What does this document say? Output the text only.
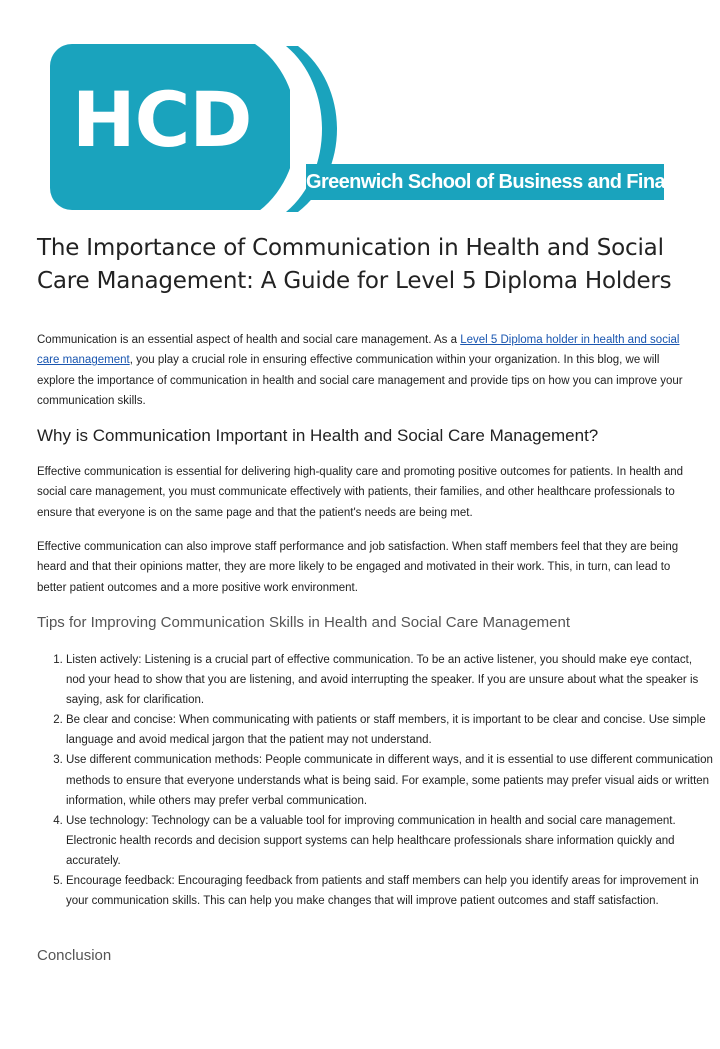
HCD
Greenwich School of Business and Finance
The Importance of Communication in Health and Social Care Management: A Guide for Level 5 Diploma Holders

Communication is an essential aspect of health and social care management. As a Level 5 Diploma holder in health and social care management, you play a crucial role in ensuring effective communication within your organization. In this blog, we will explore the importance of communication in health and social care management and provide tips on how you can improve your communication skills.

Why is Communication Important in Health and Social Care Management?

Effective communication is essential for delivering high-quality care and promoting positive outcomes for patients. In health and social care management, you must communicate effectively with patients, their families, and other healthcare professionals to ensure that everyone is on the same page and that the patient's needs are being met.

Effective communication can also improve staff performance and job satisfaction. When staff members feel that they are being heard and that their opinions matter, they are more likely to be engaged and motivated in their work. This, in turn, can lead to better patient outcomes and a more positive work environment.

Tips for Improving Communication Skills in Health and Social Care Management
1. Listen actively: Listening is a crucial part of effective communication. To be an active listener, you should make eye contact, nod your head to show that you are listening, and avoid interrupting the speaker. If you are unsure about what the speaker is saying, ask for clarification.
2. Be clear and concise: When communicating with patients or staff members, it is important to be clear and concise. Use simple language and avoid medical jargon that the patient may not understand.
3. Use different communication methods: People communicate in different ways, and it is essential to use different communication methods to ensure that everyone understands what is being said. For example, some patients may prefer visual aids or written information, while others may prefer verbal communication.
4. Use technology: Technology can be a valuable tool for improving communication in health and social care management. Electronic health records and decision support systems can help healthcare professionals share information quickly and accurately.
5. Encourage feedback: Encouraging feedback from patients and staff members can help you identify areas for improvement in your communication skills. This can help you make changes that will improve patient outcomes and staff satisfaction.
Conclusion
